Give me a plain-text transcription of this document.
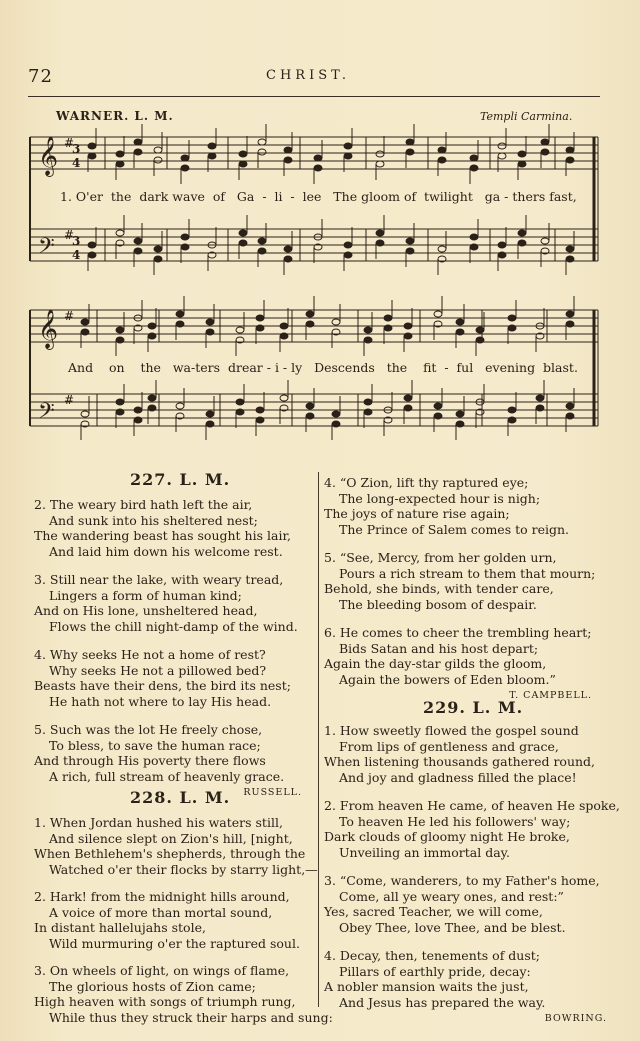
72	CHRIST.
WARNER. L. M.	Templi Carmina.
𝄞
𝄢
𝄞
𝄢
#
3
4
#
3
4
#
#
1. O'er  the  dark wave  of   Ga  -  li  -  lee   The gloom of  twilight   ga - thers fast,
And    on    the   wa-ters  drear - i - ly   Descends   the    fit  -  ful   evening  blast.
227. L. M.
2. The weary bird hath left the air,
And sunk into his sheltered nest;
The wandering beast has sought his lair,
And laid him down his welcome rest.
3. Still near the lake, with weary tread,
Lingers a form of human kind;
And on His lone, unsheltered head,
Flows the chill night-damp of the wind.
4. Why seeks He not a home of rest?
Why seeks He not a pillowed bed?
Beasts have their dens, the bird its nest;
He hath not where to lay His head.
5. Such was the lot He freely chose,
To bless, to save the human race;
And through His poverty there flows
A rich, full stream of heavenly grace.
RUSSELL.
228. L. M.
1. When Jordan hushed his waters still,
And silence slept on Zion's hill, [night,
When Bethlehem's shepherds, through the
Watched o'er their flocks by starry light,—
2. Hark! from the midnight hills around,
A voice of more than mortal sound,
In distant hallelujahs stole,
Wild murmuring o'er the raptured soul.
3. On wheels of light, on wings of flame,
The glorious hosts of Zion came;
High heaven with songs of triumph rung,
While thus they struck their harps and sung:
4. “O Zion, lift thy raptured eye;
The long-expected hour is nigh;
The joys of nature rise again;
The Prince of Salem comes to reign.
5. “See, Mercy, from her golden urn,
Pours a rich stream to them that mourn;
Behold, she binds, with tender care,
The bleeding bosom of despair.
6. He comes to cheer the trembling heart;
Bids Satan and his host depart;
Again the day-star gilds the gloom,
Again the bowers of Eden bloom.”
T. CAMPBELL.
229. L. M.
1. How sweetly flowed the gospel sound
From lips of gentleness and grace,
When listening thousands gathered round,
And joy and gladness filled the place!
2. From heaven He came, of heaven He spoke,
To heaven He led his followers' way;
Dark clouds of gloomy night He broke,
Unveiling an immortal day.
3. “Come, wanderers, to my Father's home,
Come, all ye weary ones, and rest:”
Yes, sacred Teacher, we will come,
Obey Thee, love Thee, and be blest.
4. Decay, then, tenements of dust;
Pillars of earthly pride, decay:
A nobler mansion waits the just,
And Jesus has prepared the way.
BOWRING.
